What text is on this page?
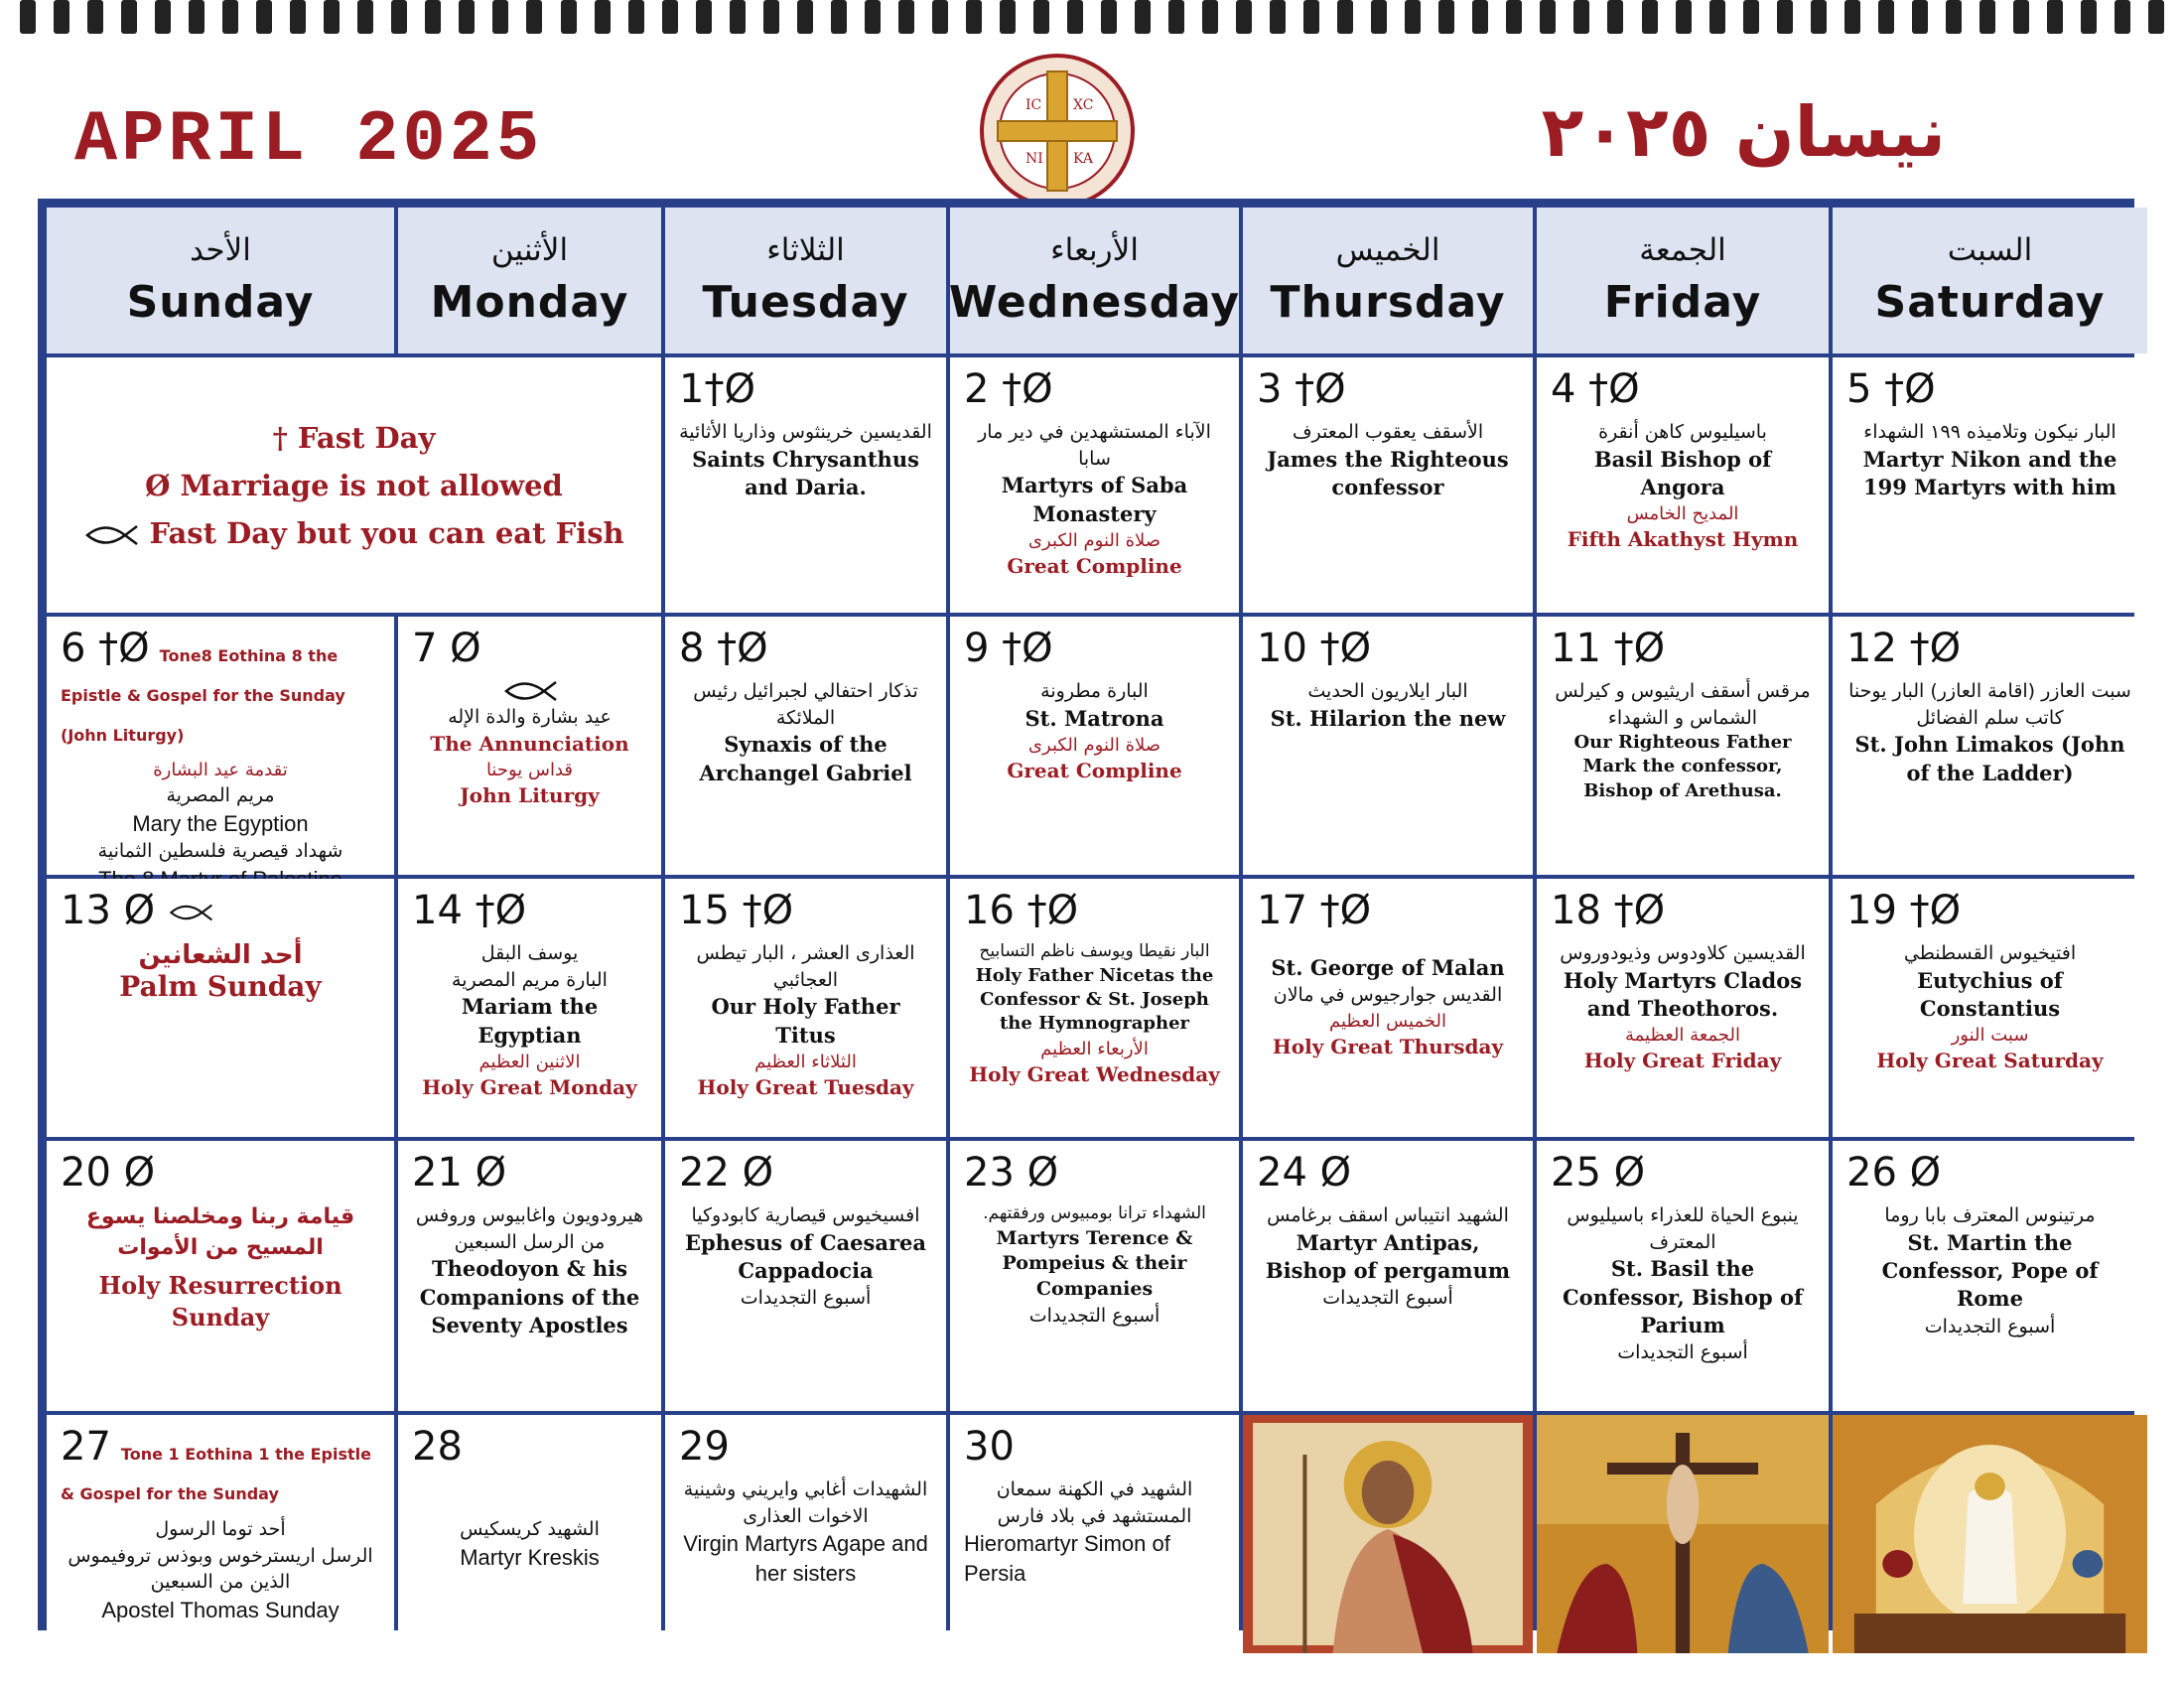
APRIL 2025	نيسان ٢٠٢٥
IC XC
NI KA
الأحد
Sunday
الأثنين
Monday
الثلاثاء
Tuesday
الأربعاء
Wednesday
الخميس
Thursday
الجمعة
Friday
السبت
Saturday
† Fast Day
Ø Marriage is not allowed
Fast Day but you can eat Fish
1†Ø
القديسين خرينثوس وذاريا الأثائية
Saints Chrysanthus and Daria.
2 †Ø
الآباء المستشهدين في دير مار سابا
Martyrs of Saba Monastery
صلاة النوم الكبرى
Great Compline
3 †Ø
الأسقف يعقوب المعترف
James the Righteous confessor
4 †Ø
باسيليوس كاهن أنقرة
Basil Bishop of Angora
المديح الخامس
Fifth Akathyst Hymn
5 †Ø
البار نيكون وتلاميذه ١٩٩ الشهداء
Martyr Nikon and the 199 Martyrs with him
6 †Ø Tone8 Eothina 8 the Epistle & Gospel for the Sunday (John Liturgy)
تقدمة عيد البشارة
مريم المصرية
Mary the Egyption
شهداد قيصرية فلسطين الثمانية
7 Ø
عيد بشارة والدة الإله
The Annunciation
قداس يوحنا
John Liturgy
8 †Ø
تذكار احتفالي لجبرائيل رئيس الملائكة
Synaxis of the Archangel Gabriel
9 †Ø
البارة مطرونة
St. Matrona
صلاة النوم الكبرى
Great Compline
10 †Ø
البار ايلاريون الحديث
St. Hilarion the new
11 †Ø
مرقس أسقف اريثيوس و كيرلس الشماس و الشهداء
Our Righteous Father Mark the confessor, Bishop of Arethusa.
12 †Ø
سبت العازر (اقامة العازر) البار يوحنا كاتب سلم الفضائل
St. John Limakos (John of the Ladder)
13 Ø
أحد الشعانين
Palm Sunday
14 †Ø
يوسف البقل
البارة مريم المصرية
Mariam the Egyptian
الاثنين العظيم
Holy Great Monday
15 †Ø
العذارى العشر ، البار تيطس العجائبي
Our Holy Father Titus
الثلاثاء العظيم
Holy Great Tuesday
16 †Ø
البار نقيطا ويوسف ناظم التسابيح
Holy Father Nicetas the Confessor & St. Joseph the Hymnographer
الأربعاء العظيم
Holy Great Wednesday
17 †Ø
St. George of Malan
القديس جوارجيوس في مالان
الخميس العظيم
Holy Great Thursday
18 †Ø
القديسين كلاودوس وذيودوروس
Holy Martyrs Clados and Theothoros.
الجمعة العظيمة
Holy Great Friday
19 †Ø
افتيخيوس القسطنطي
Eutychius of Constantius
سبت النور
Holy Great Saturday
20 Ø
قيامة ربنا ومخلصنا يسوع المسيح من الأموات
Holy Resurrection Sunday
21 Ø
هيرودويون واغابيوس وروفس من الرسل السبعين
Theodoyon & his Companions of the Seventy Apostles
22 Ø
افسيخيوس قيصارية كابودوكيا
Ephesus of Caesarea
Cappadocia
أسبوع التجديدات
23 Ø
الشهداء ترانا بومبيوس ورفقتهم.
Martyrs Terence & Pompeius & their Companies
أسبوع التجديدات
24 Ø
الشهيد انتيباس اسقف برغامس
Martyr Antipas, Bishop of pergamum
أسبوع التجديدات
25 Ø
ينبوع الحياة للعذراء باسيليوس المعترف
St. Basil the Confessor, Bishop of Parium
أسبوع التجديدات
26 Ø
مرتينوس المعترف بابا روما
St. Martin the Confessor, Pope of Rome
أسبوع التجديدات
27 Tone 1 Eothina 1 the Epistle & Gospel for the Sunday
أحد توما الرسول
الرسل اريسترخوس وبوذس تروفيموس الذين من السبعين
Apostel Thomas Sunday
28
الشهيد كريسكيس
Martyr Kreskis
29
الشهيدات أغابي وايريني وشينية الاخوات العذارى
Virgin Martyrs Agape and her sisters
30
الشهيد في الكهنة سمعان المستشهد في بلاد فارس
Hieromartyr Simon of Persia
